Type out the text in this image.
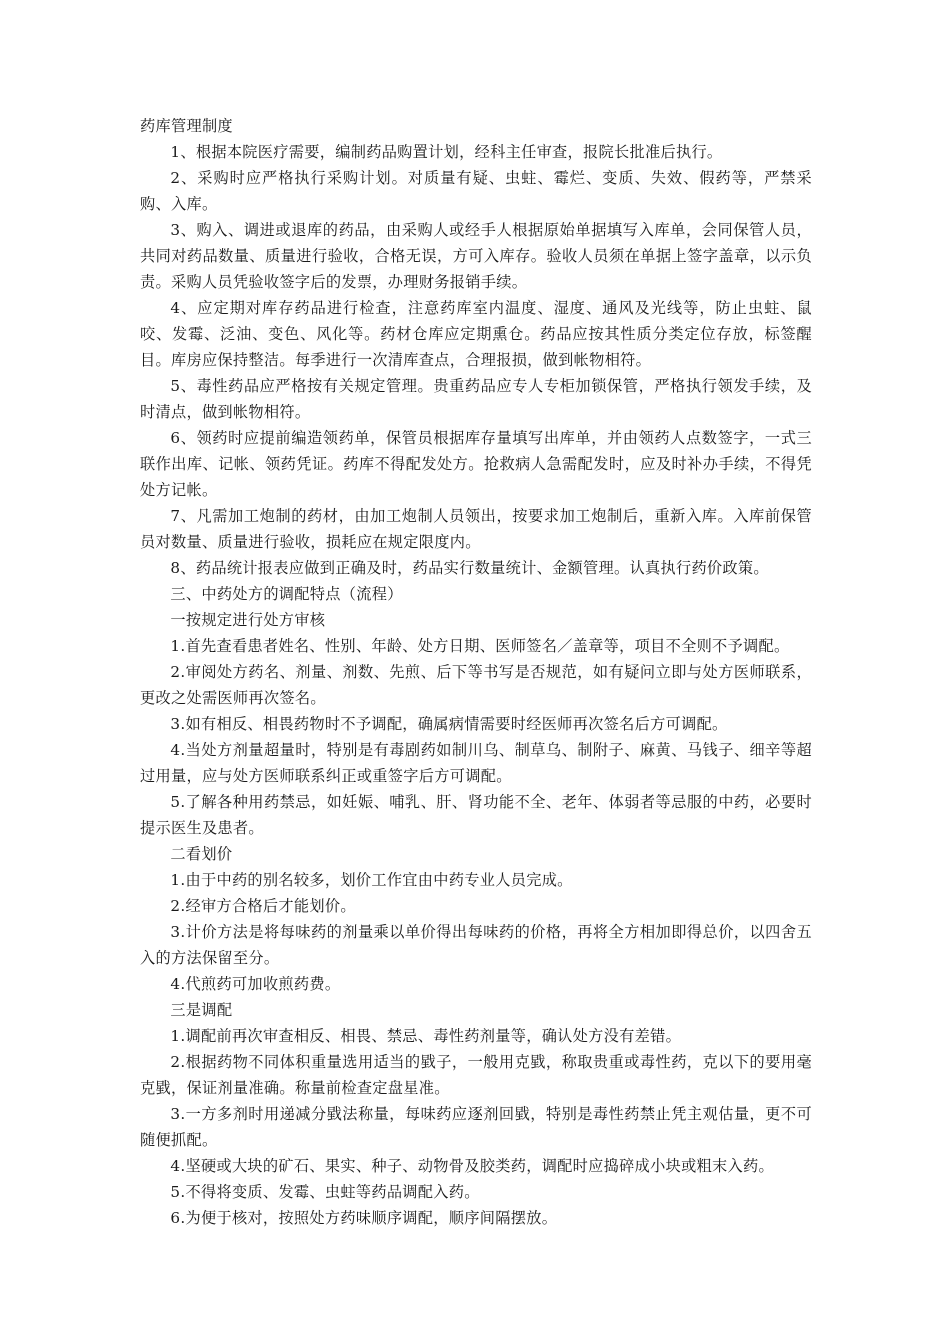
药库管理制度

1、根据本院医疗需要，编制药品购置计划，经科主任审查，报院长批准后执行。

2、采购时应严格执行采购计划。对质量有疑、虫蛀、霉烂、变质、失效、假药等，严禁采购、入库。

3、购入、调进或退库的药品，由采购人或经手人根据原始单据填写入库单，会同保管人员，共同对药品数量、质量进行验收，合格无误，方可入库存。验收人员须在单据上签字盖章，以示负责。采购人员凭验收签字后的发票，办理财务报销手续。

4、应定期对库存药品进行检查，注意药库室内温度、湿度、通风及光线等，防止虫蛀、鼠咬、发霉、泛油、变色、风化等。药材仓库应定期熏仓。药品应按其性质分类定位存放，标签醒目。库房应保持整洁。每季进行一次清库查点，合理报损，做到帐物相符。

5、毒性药品应严格按有关规定管理。贵重药品应专人专柜加锁保管，严格执行领发手续，及时清点，做到帐物相符。

6、领药时应提前编造领药单，保管员根据库存量填写出库单，并由领药人点数签字，一式三联作出库、记帐、领药凭证。药库不得配发处方。抢救病人急需配发时，应及时补办手续，不得凭处方记帐。

7、凡需加工炮制的药材，由加工炮制人员领出，按要求加工炮制后，重新入库。入库前保管员对数量、质量进行验收，损耗应在规定限度内。

8、药品统计报表应做到正确及时，药品实行数量统计、金额管理。认真执行药价政策。

三、中药处方的调配特点（流程）

一按规定进行处方审核

1.首先查看患者姓名、性别、年龄、处方日期、医师签名／盖章等，项目不全则不予调配。

2.审阅处方药名、剂量、剂数、先煎、后下等书写是否规范，如有疑问立即与处方医师联系，更改之处需医师再次签名。

3.如有相反、相畏药物时不予调配，确属病情需要时经医师再次签名后方可调配。

4.当处方剂量超量时，特别是有毒剧药如制川乌、制草乌、制附子、麻黄、马钱子、细辛等超过用量，应与处方医师联系纠正或重签字后方可调配。

5.了解各种用药禁忌，如妊娠、哺乳、肝、肾功能不全、老年、体弱者等忌服的中药，必要时提示医生及患者。

二看划价

1.由于中药的别名较多，划价工作宜由中药专业人员完成。

2.经审方合格后才能划价。

3.计价方法是将每味药的剂量乘以单价得出每味药的价格，再将全方相加即得总价，以四舍五入的方法保留至分。

4.代煎药可加收煎药费。

三是调配

1.调配前再次审查相反、相畏、禁忌、毒性药剂量等，确认处方没有差错。

2.根据药物不同体积重量选用适当的戥子，一般用克戥，称取贵重或毒性药，克以下的要用毫克戥，保证剂量准确。称量前检查定盘星准。

3.一方多剂时用递减分戥法称量，每味药应逐剂回戥，特别是毒性药禁止凭主观估量，更不可随便抓配。

4.坚硬或大块的矿石、果实、种子、动物骨及胶类药，调配时应捣碎成小块或粗末入药。

5.不得将变质、发霉、虫蛀等药品调配入药。

6.为便于核对，按照处方药味顺序调配，顺序间隔摆放。
